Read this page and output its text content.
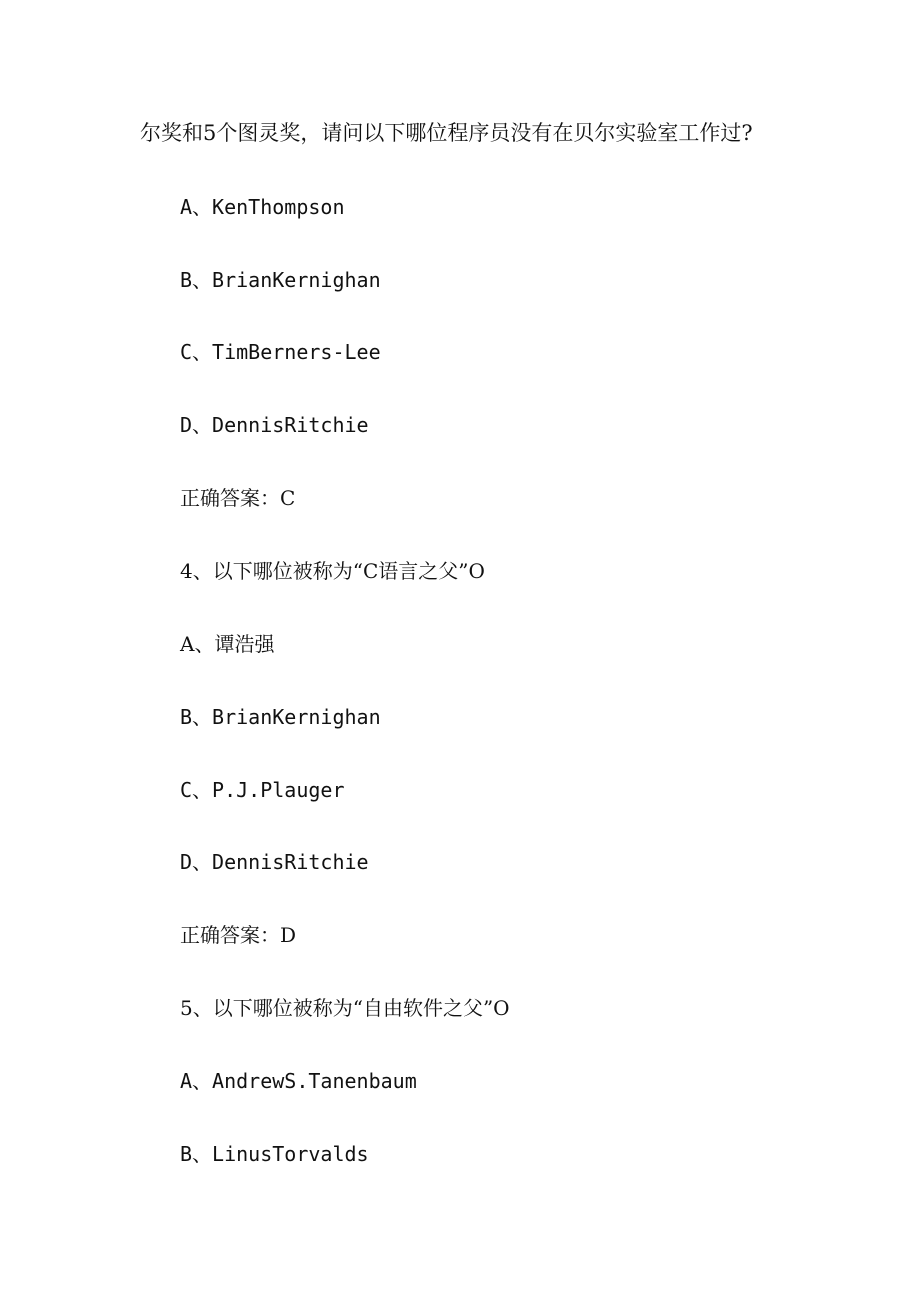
尔奖和5个图灵奖，请问以下哪位程序员没有在贝尔实验室工作过?
A、KenThompson
B、BrianKernighan
C、TimBerners-Lee
D、DennisRitchie
正确答案：C
4、以下哪位被称为“C语言之父”O
A、谭浩强
B、BrianKernighan
C、P.J.Plauger
D、DennisRitchie
正确答案：D
5、以下哪位被称为“自由软件之父”O
A、AndrewS.Tanenbaum
B、LinusTorvalds
